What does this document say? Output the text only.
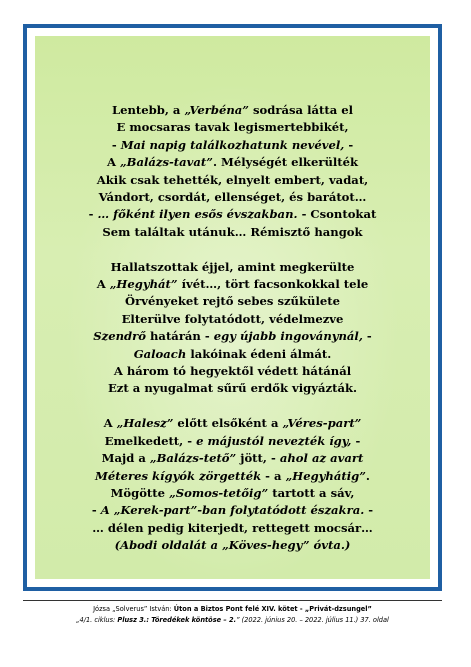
Lentebb, a „Verbéna” sodrása látta el
E mocsaras tavak legismertebbikét,
- Mai napig találkozhatunk nevével, -
A „Balázs-tavat”. Mélységét elkerülték
Akik csak tehették, elnyelt embert, vadat,
Vándort, csordát, ellenséget, és barátot…
- … főként ilyen esős évszakban. - Csontokat
Sem találtak utánuk… Rémisztő hangok
Hallatszottak éjjel, amint megkerülte
A „Hegyhát” ívét…, tört facsonkokkal tele
Örvényeket rejtő sebes szűkülete
Elterülve folytatódott, védelmezve
Szendrő határán - egy újabb ingoványnál, -
Galoach lakóinak édeni álmát.
A három tó hegyektől védett hátánál
Ezt a nyugalmat sűrű erdők vigyázták.
A „Halesz” előtt elsőként a „Véres-part”
Emelkedett, - e májustól nevezték így, -
Majd a „Balázs-tető” jött, - ahol az avart
Méteres kígyók zörgették - a „Hegyhátig”.
Mögötte „Somos-tetőig” tartott a sáv,
- A „Kerek-part”-ban folytatódott északra. -
… délen pedig kiterjedt, rettegett mocsár…
(Abodi oldalát a „Köves-hegy” óvta.)
Józsa „Solverus” István: Úton a Biztos Pont felé XIV. kötet - „Privát-dzsungel”
„4/1. ciklus: Plusz 3.: Töredékek köntöse – 2.” (2022. június 20. – 2022. július 11.) 37. oldal
